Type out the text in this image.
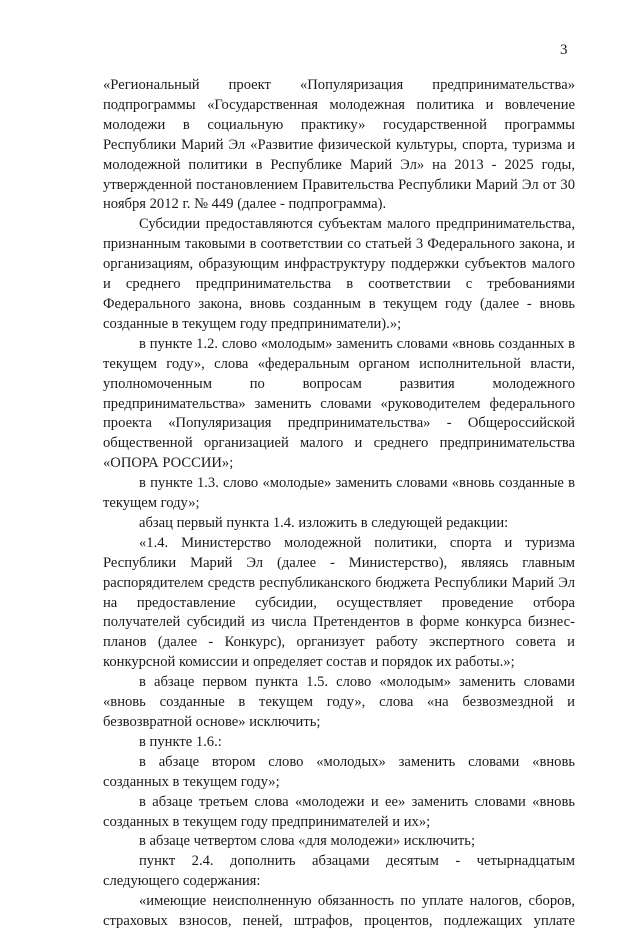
3

«Региональный проект «Популяризация предпринимательства» подпрограммы «Государственная молодежная политика и вовлечение молодежи в социальную практику» государственной программы Республики Марий Эл «Развитие физической культуры, спорта, туризма и молодежной политики в Республике Марий Эл» на 2013 - 2025 годы, утвержденной постановлением Правительства Республики Марий Эл от 30 ноября 2012 г. № 449 (далее - подпрограмма).

Субсидии предоставляются субъектам малого предпринимательства, признанным таковыми в соответствии со статьей 3 Федерального закона, и организациям, образующим инфраструктуру поддержки субъектов малого и среднего предпринимательства в соответствии с требованиями Федерального закона, вновь созданным в текущем году (далее - вновь созданные в текущем году предприниматели).»;

в пункте 1.2. слово «молодым» заменить словами «вновь созданных в текущем году», слова «федеральным органом исполнительной власти, уполномоченным по вопросам развития молодежного предпринимательства» заменить словами «руководителем федерального проекта «Популяризация предпринимательства» - Общероссийской общественной организацией малого и среднего предпринимательства «ОПОРА РОССИИ»;

в пункте 1.3. слово «молодые» заменить словами «вновь созданные в текущем году»;

абзац первый пункта 1.4. изложить в следующей редакции:

«1.4. Министерство молодежной политики, спорта и туризма Республики Марий Эл (далее - Министерство), являясь главным распорядителем средств республиканского бюджета Республики Марий Эл на предоставление субсидии, осуществляет проведение отбора получателей субсидий из числа Претендентов в форме конкурса бизнес-планов (далее - Конкурс), организует работу экспертного совета и конкурсной комиссии и определяет состав и порядок их работы.»;

в абзаце первом пункта 1.5. слово «молодым» заменить словами «вновь созданные в текущем году», слова «на безвозмездной и безвозвратной основе» исключить;

в пункте 1.6.:

в абзаце втором слово «молодых» заменить словами «вновь созданных в текущем году»;

в абзаце третьем слова «молодежи и ее» заменить словами «вновь созданных в текущем году предпринимателей и их»;

в абзаце четвертом слова «для молодежи» исключить;

пункт 2.4. дополнить абзацами десятым - четырнадцатым следующего содержания:

«имеющие неисполненную обязанность по уплате налогов, сборов, страховых взносов, пеней, штрафов, процентов, подлежащих уплате
